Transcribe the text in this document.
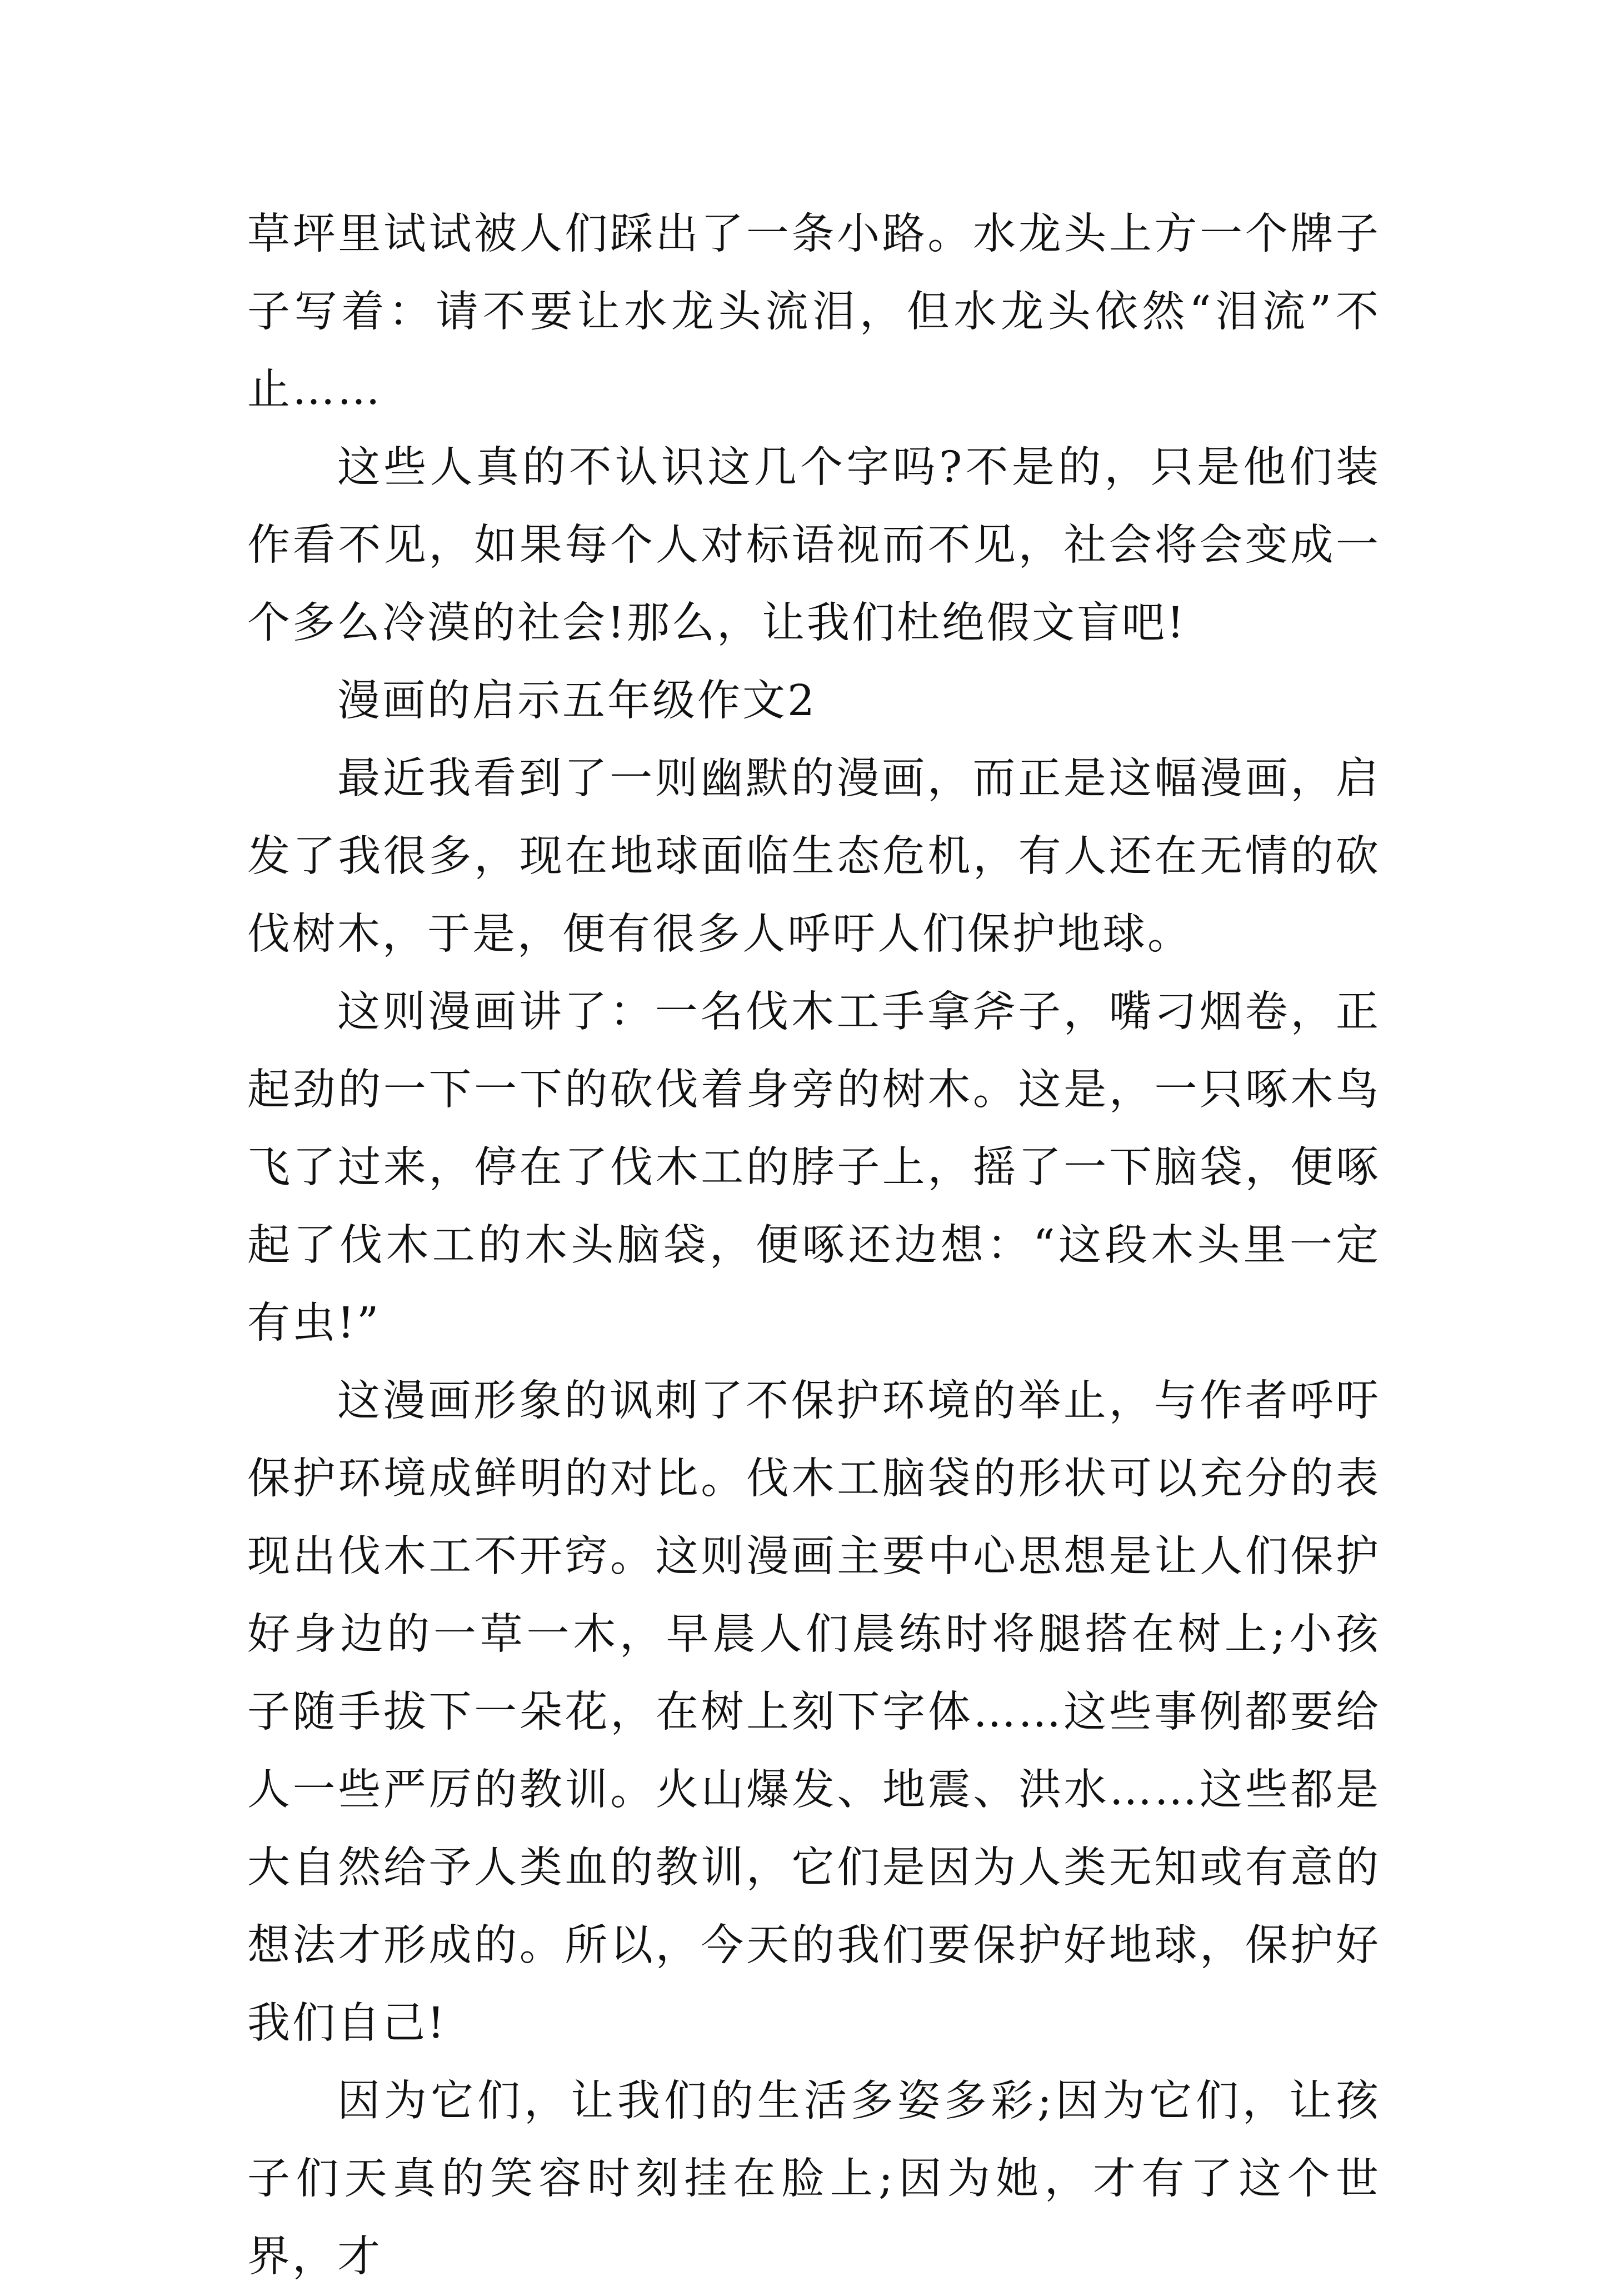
草坪里试试被人们踩出了一条小路。水龙头上方一个牌子子写着：请不要让水龙头流泪，但水龙头依然“泪流”不止……

这些人真的不认识这几个字吗?不是的，只是他们装作看不见，如果每个人对标语视而不见，社会将会变成一个多么冷漠的社会!那么，让我们杜绝假文盲吧!

漫画的启示五年级作文2

最近我看到了一则幽默的漫画，而正是这幅漫画，启发了我很多，现在地球面临生态危机，有人还在无情的砍伐树木，于是，便有很多人呼吁人们保护地球。

这则漫画讲了：一名伐木工手拿斧子，嘴刁烟卷，正起劲的一下一下的砍伐着身旁的树木。这是，一只啄木鸟飞了过来，停在了伐木工的脖子上，摇了一下脑袋，便啄起了伐木工的木头脑袋，便啄还边想：“这段木头里一定有虫!”

这漫画形象的讽刺了不保护环境的举止，与作者呼吁保护环境成鲜明的对比。伐木工脑袋的形状可以充分的表现出伐木工不开窍。这则漫画主要中心思想是让人们保护好身边的一草一木，早晨人们晨练时将腿搭在树上;小孩子随手拔下一朵花，在树上刻下字体……这些事例都要给人一些严厉的教训。火山爆发、地震、洪水……这些都是大自然给予人类血的教训，它们是因为人类无知或有意的想法才形成的。所以，今天的我们要保护好地球，保护好我们自己!

因为它们，让我们的生活多姿多彩;因为它们，让孩子们天真的笑容时刻挂在脸上;因为她，才有了这个世界，才
